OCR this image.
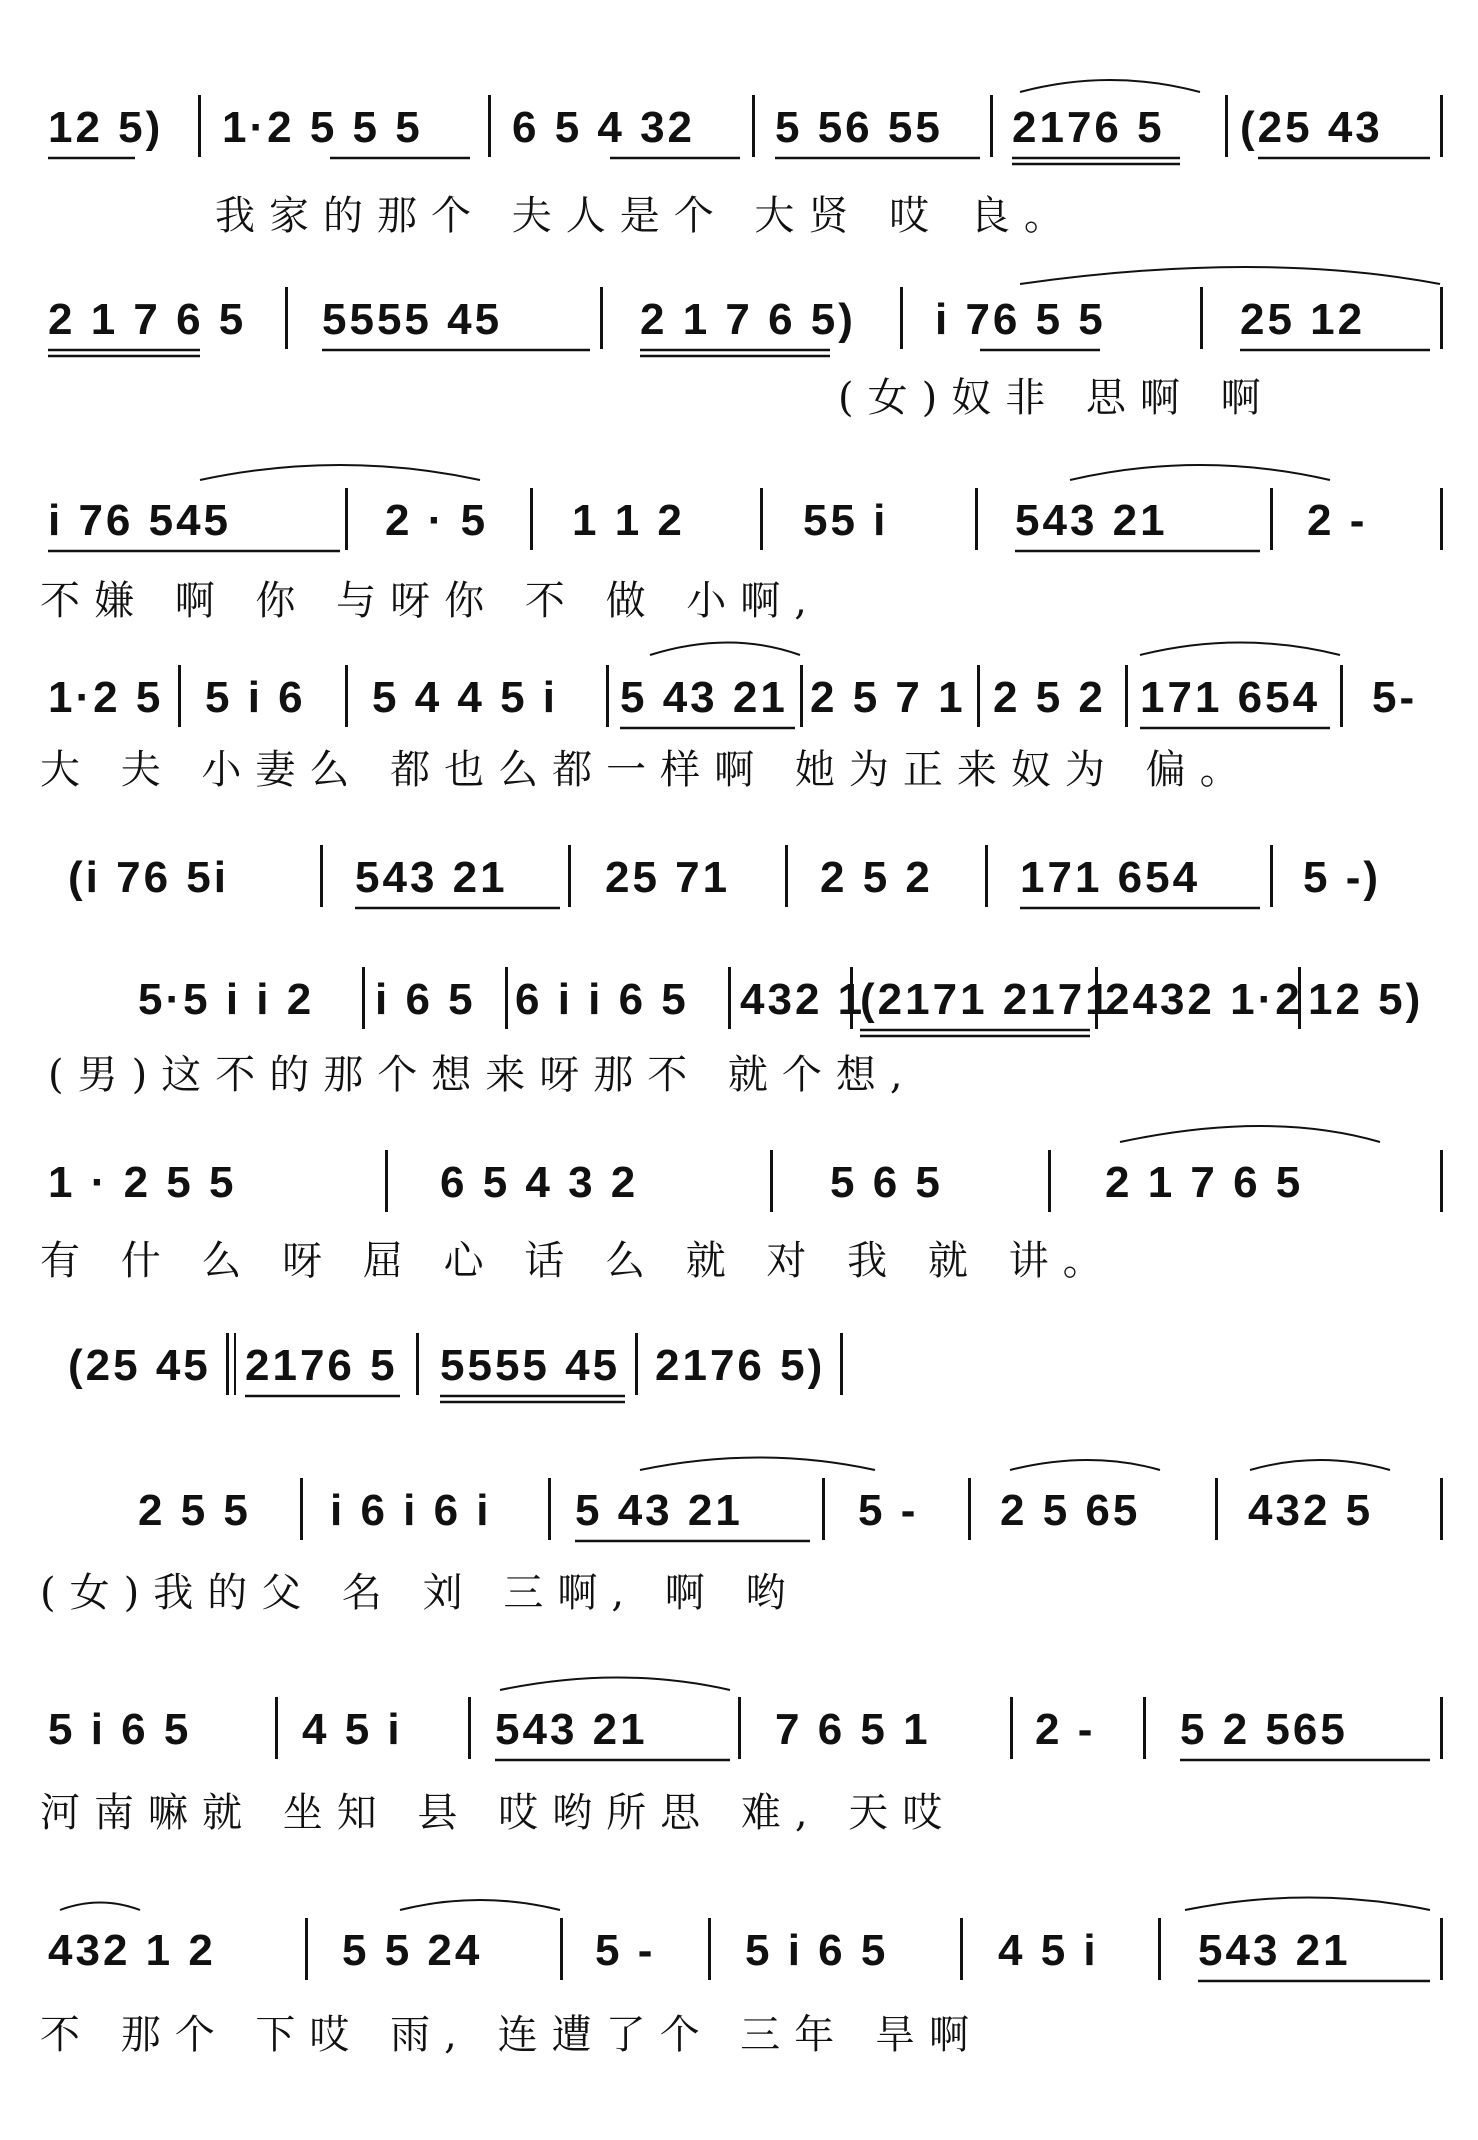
12 5) 1·2 5 5 5 6 5 4 32 5 56 55 2176 5 (25 43
我家的那个 夫人是个 大贤 哎 良。
2 1 7 6 5 5555 45	2 1 7 6 5) i 76 5 5	25 12
(女)奴非 思啊 啊
i 76 545	2 · 5 1 1 2	55 i	543 21	2 -
不嫌 啊 你 与呀你 不 做 小啊,
1·2 5 5 i 6 5 4 4 5 i 5 43 21 2 5 7 1 2 5 2 171 654 5-
大 夫 小妻么 都也么都一样啊 她为正来奴为 偏。
(i 76 5i	543 21 25 71 2 5 2 171 654 5 -)
5·5 i i 2 i 6 5 6 i i 6 5 432 1
(2171 2171
2432 1·2 12 5)
(男)这不的那个想来呀那不 就个想,
1 · 2 5 5	6 5 4 3 2	5 6 5	2 1 7 6 5
有 什 么 呀 屈 心 话 么 就 对 我 就 讲。
(25 45 2176 5 5555 45 2176 5)
2 5 5 i 6 i 6 i 5 43 21	5 - 2 5 65 432 5
(女)我的父 名 刘 三啊, 啊 哟
5 i 6 5	4 5 i 543 21	7 6 5 1 2 - 5 2 565
河南嘛就 坐知 县 哎哟所思 难, 天哎
432 1 2	5 5 24	5 - 5 i 6 5 4 5 i 543 21
不 那个 下哎 雨, 连遭了个 三年 旱啊
